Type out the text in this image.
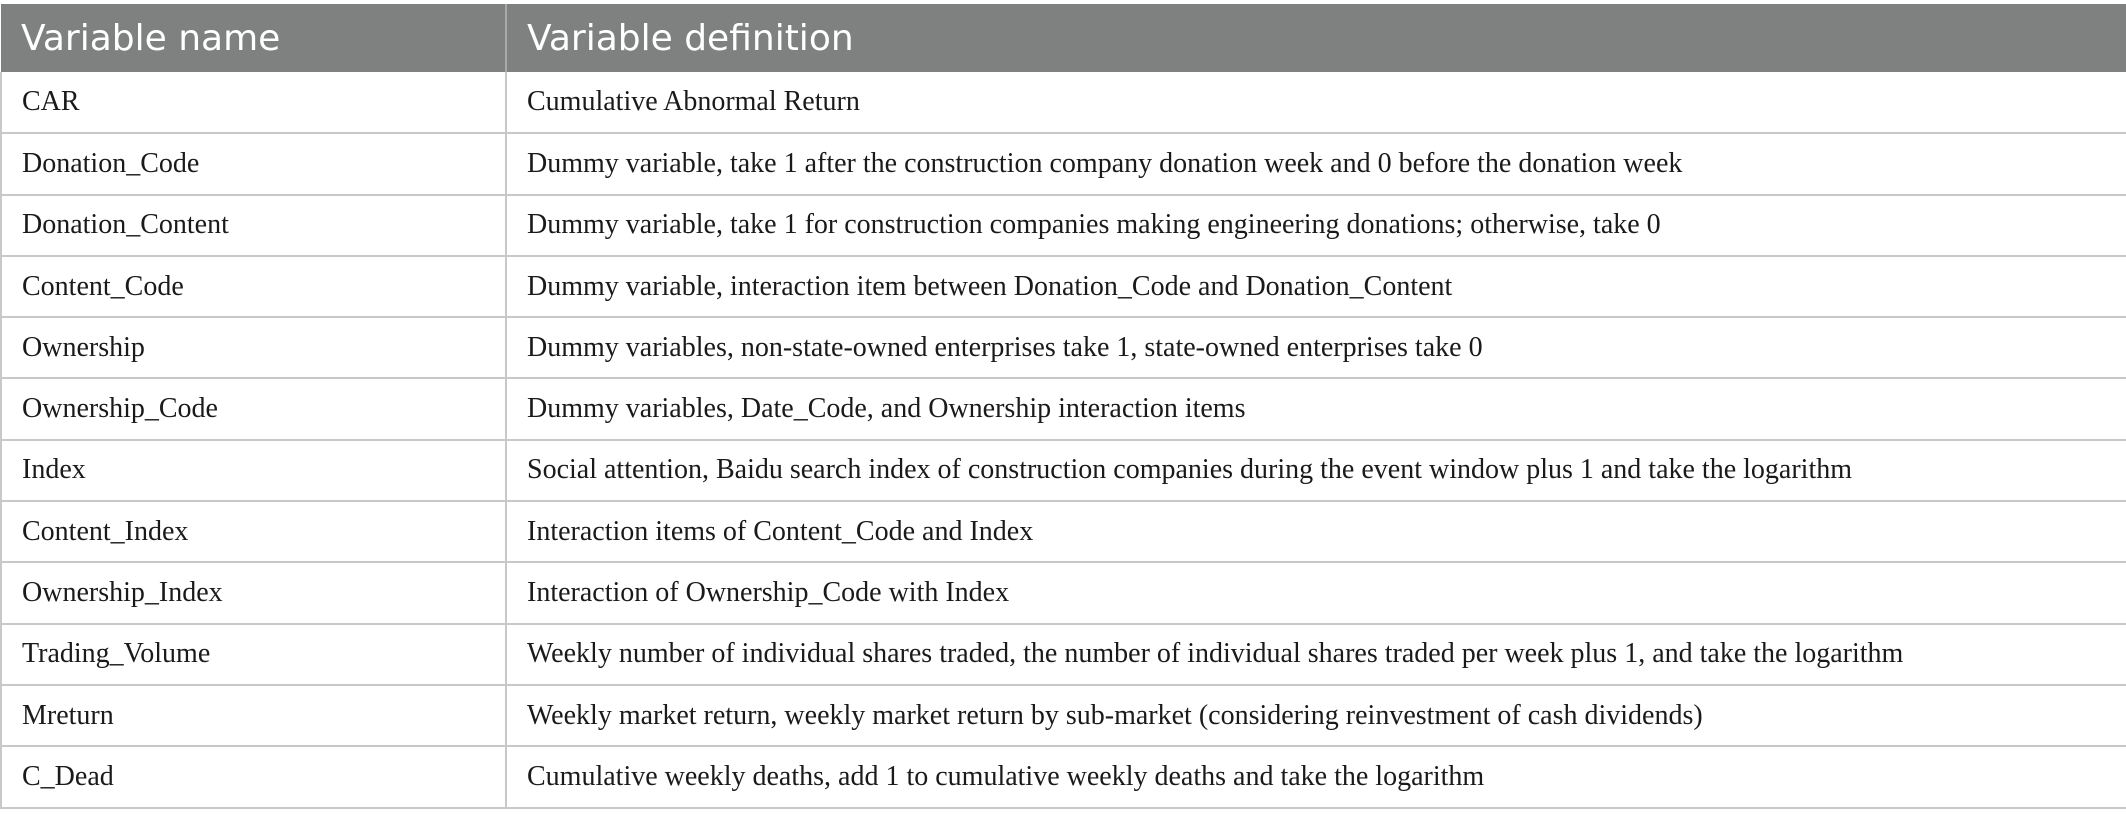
Variable name	Variable definition
CAR	Cumulative Abnormal Return
Donation_Code	Dummy variable, take 1 after the construction company donation week and 0 before the donation week
Donation_Content	Dummy variable, take 1 for construction companies making engineering donations; otherwise, take 0
Content_Code	Dummy variable, interaction item between Donation_Code and Donation_Content
Ownership	Dummy variables, non-state-owned enterprises take 1, state-owned enterprises take 0
Ownership_Code	Dummy variables, Date_Code, and Ownership interaction items
Index	Social attention, Baidu search index of construction companies during the event window plus 1 and take the logarithm
Content_Index	Interaction items of Content_Code and Index
Ownership_Index	Interaction of Ownership_Code with Index
Trading_Volume	Weekly number of individual shares traded, the number of individual shares traded per week plus 1, and take the logarithm
Mreturn	Weekly market return, weekly market return by sub-market (considering reinvestment of cash dividends)
C_Dead	Cumulative weekly deaths, add 1 to cumulative weekly deaths and take the logarithm
